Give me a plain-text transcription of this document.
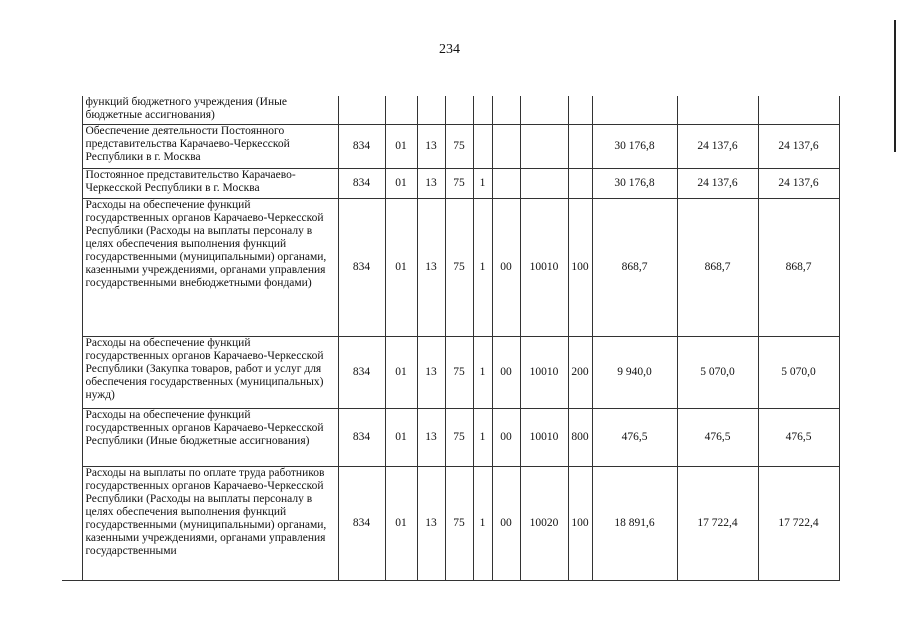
234
	функций бюджетного учреждения (Иные бюджетные ассигнования)											
	Обеспечение деятельности Постоянного представительства Карачаево-Черкесской Республики в г. Москва	834	01	13	75					30 176,8	24 137,6	24 137,6
	Постоянное представительство Карачаево-Черкесской Республики в г. Москва	834	01	13	75	1				30 176,8	24 137,6	24 137,6
	Расходы на обеспечение функций государственных органов Карачаево-Черкесской Республики (Расходы на выплаты персоналу в целях обеспечения выполнения функций государственными (муниципальными) органами, казенными учреждениями, органами управления государственными внебюджетными фондами)	834	01	13	75	1	00	10010	100	868,7	868,7	868,7
	Расходы на обеспечение функций государственных органов Карачаево-Черкесской Республики (Закупка товаров, работ и услуг для обеспечения государственных (муниципальных) нужд)	834	01	13	75	1	00	10010	200	9 940,0	5 070,0	5 070,0
	Расходы на обеспечение функций государственных органов Карачаево-Черкесской Республики (Иные бюджетные ассигнования)	834	01	13	75	1	00	10010	800	476,5	476,5	476,5
	Расходы на выплаты по оплате труда работников государственных органов Карачаево-Черкесской Республики (Расходы на выплаты персоналу в целях обеспечения выполнения функций государственными (муниципальными) органами, казенными учреждениями, органами управления государственными	834	01	13	75	1	00	10020	100	18 891,6	17 722,4	17 722,4
